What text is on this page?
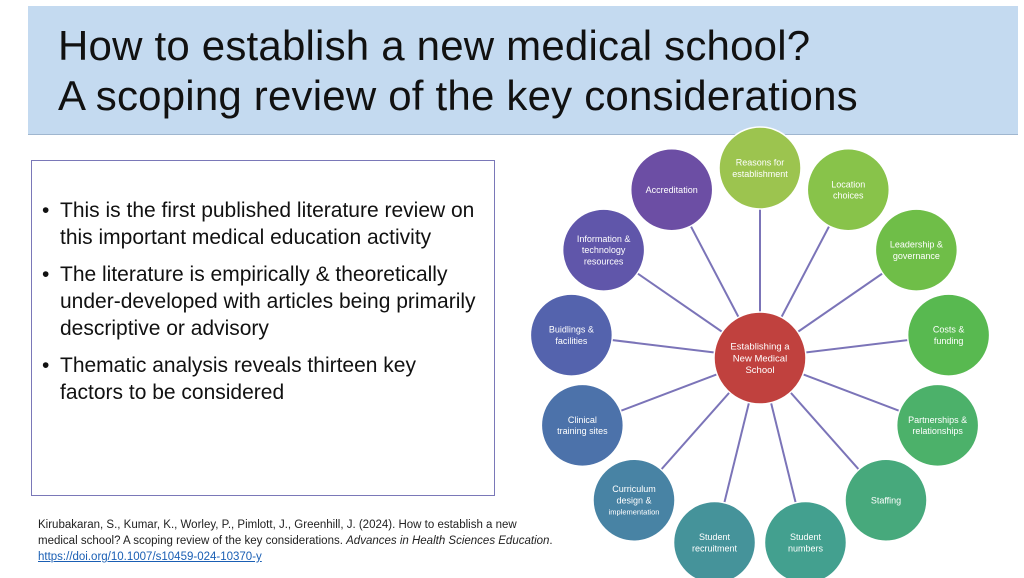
How to establish a new medical school?
A scoping review of the key considerations
• This is the first published literature review on this important medical education activity
• The literature is empirically & theoretically under-developed with articles being primarily descriptive or advisory
• Thematic analysis reveals thirteen key factors to be considered
Kirubakaran, S., Kumar, K., Worley, P., Pimlott, J., Greenhill, J. (2024). How to establish a new medical school? A scoping review of the key considerations. Advances in Health Sciences Education.
https://doi.org/10.1007/s10459-024-10370-y
Reasons for
establishment
Location
choices
Leadership &
governance
Costs &
funding
Partnerships &
relationships
Staffing
Student
numbers
Student
recruitment
Curriculum
design &
implementation
Clinical
training sites
Buidlings &
facilities
Information &
technology
resources
Accreditation
Establishing a
New Medical
School
